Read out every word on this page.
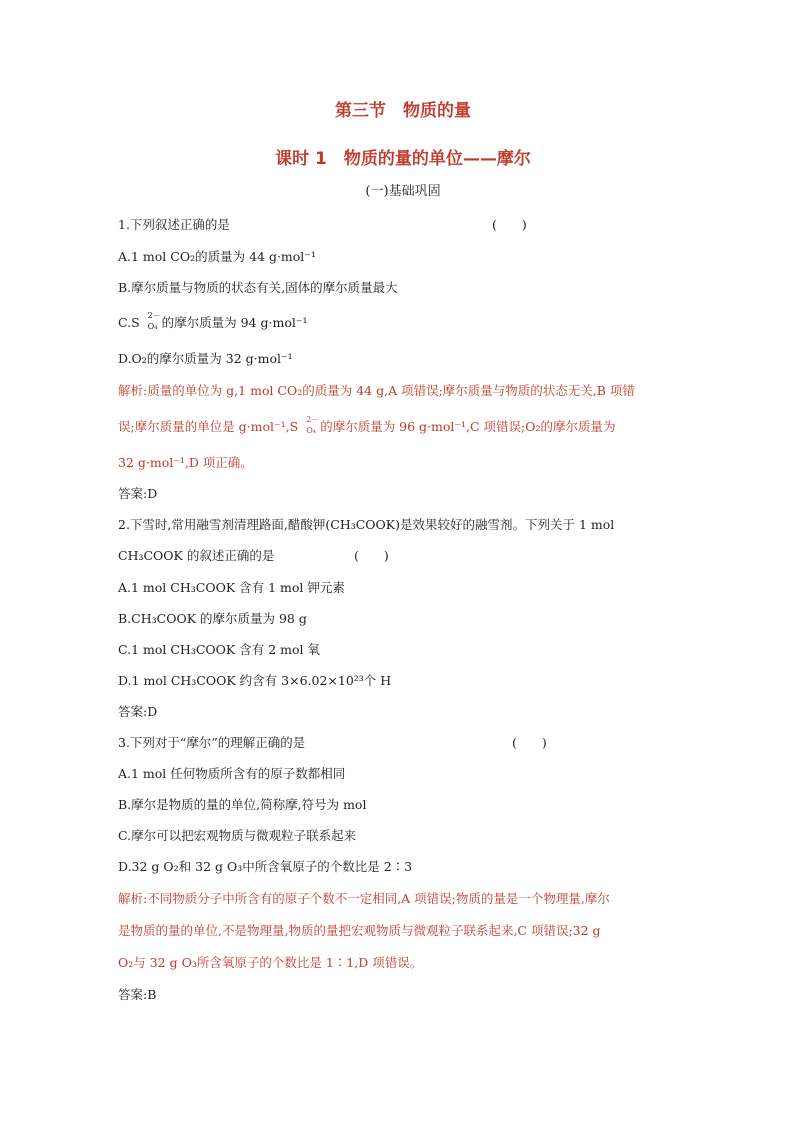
第三节　物质的量
课时 1　物质的量的单位——摩尔
(一)基础巩固
1.下列叙述正确的是	(　　)
A.1 mol CO₂的质量为 44 g·mol⁻¹
B.摩尔质量与物质的状态有关,固体的摩尔质量最大
C.S 2－
O₄ 的摩尔质量为 94 g·mol⁻¹
D.O₂的摩尔质量为 32 g·mol⁻¹
解析:质量的单位为 g,1 mol CO₂的质量为 44 g,A 项错误;摩尔质量与物质的状态无关,B 项错
误;摩尔质量的单位是 g·mol⁻¹,S 2－
O₄ 的摩尔质量为 96 g·mol⁻¹,C 项错误;O₂的摩尔质量为
32 g·mol⁻¹,D 项正确。
答案:D
2.下雪时,常用融雪剂清理路面,醋酸钾(CH₃COOK)是效果较好的融雪剂。下列关于 1 mol
CH₃COOK 的叙述正确的是	(　　)
A.1 mol CH₃COOK 含有 1 mol 钾元素
B.CH₃COOK 的摩尔质量为 98 g
C.1 mol CH₃COOK 含有 2 mol 氧
D.1 mol CH₃COOK 约含有 3×6.02×10²³个 H
答案:D
3.下列对于“摩尔”的理解正确的是	(　　)
A.1 mol 任何物质所含有的原子数都相同
B.摩尔是物质的量的单位,简称摩,符号为 mol
C.摩尔可以把宏观物质与微观粒子联系起来
D.32 g O₂和 32 g O₃中所含氧原子的个数比是 2∶3
解析:不同物质分子中所含有的原子个数不一定相同,A 项错误;物质的量是一个物理量,摩尔
是物质的量的单位,不是物理量,物质的量把宏观物质与微观粒子联系起来,C 项错误;32 g
O₂与 32 g O₃所含氧原子的个数比是 1∶1,D 项错误。
答案:B
